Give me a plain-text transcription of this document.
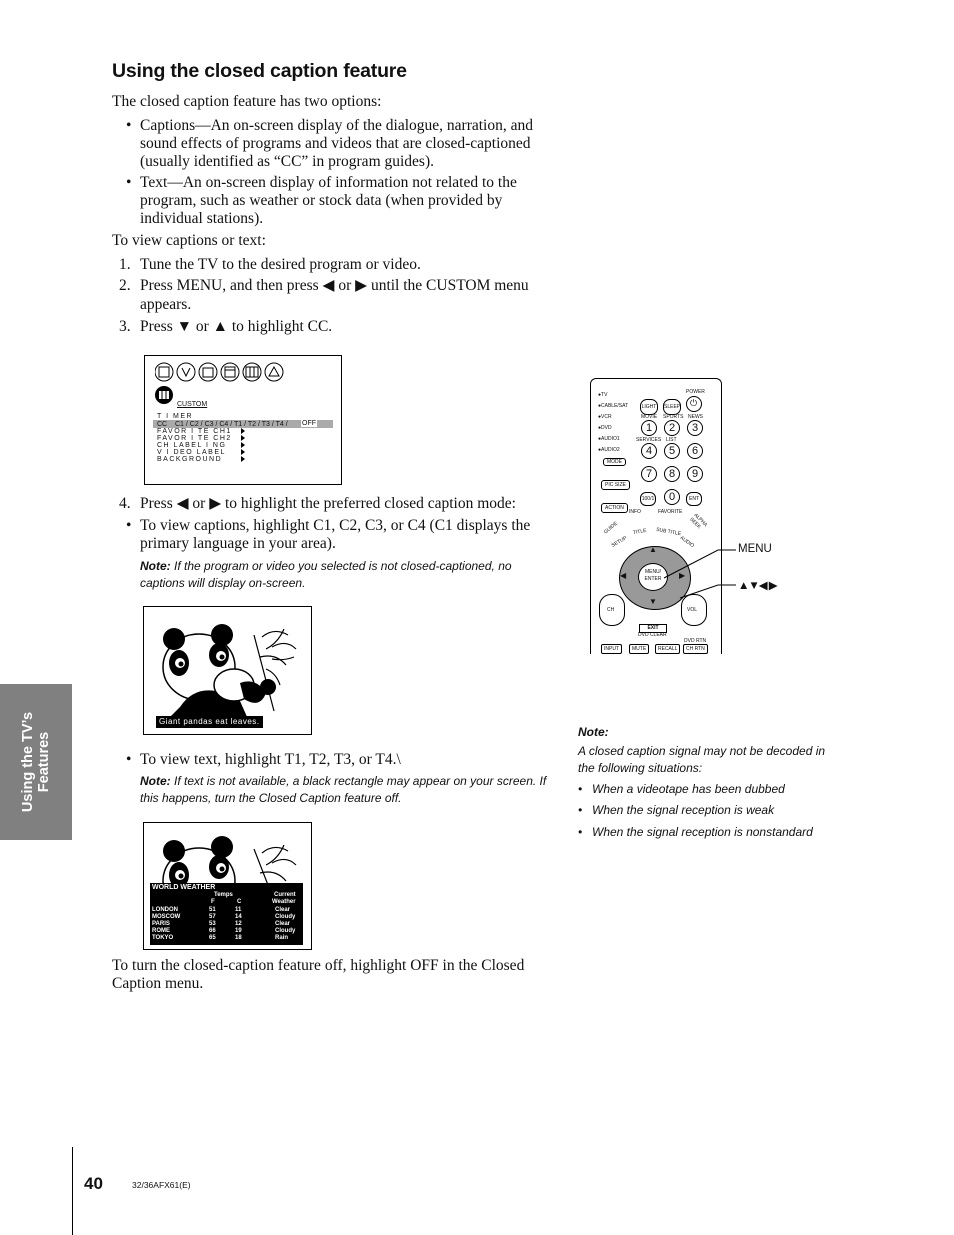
Using the closed caption feature
The closed caption feature has two options:
• Captions—An on-screen display of the dialogue, narration, and sound effects of programs and videos that are closed-captioned (usually identified as “CC” in program guides).
• Text—An on-screen display of information not related to the program, such as weather or stock data (when provided by individual stations).
To view captions or text:
1. Tune the TV to the desired program or video.
2. Press MENU, and then press ◀ or ▶ until the CUSTOM menu
appears.
3. Press ▼ or ▲ to highlight CC.
CUSTOM
T I MER
CC C1 / C2 / C3 / C4 / T1 / T2 / T3 / T4 / OFF
FAVOR I TE CH1
FAVOR I TE CH2
CH LABEL I NG
V I DEO LABEL
BACKGROUND
4. Press ◀ or ▶ to highlight the preferred closed caption mode:
• To view captions, highlight C1, C2, C3, or C4 (C1 displays the primary language in your area).
Note: If the program or video you selected is not closed-captioned, no captions will display on-screen.
Giant pandas eat leaves.
• To view text, highlight T1, T2, T3, or T4.\
Note: If text is not available, a black rectangle may appear on your screen. If this happens, turn the Closed Caption feature off.
WORLD WEATHER
Temps	Current
Weather
F	C
LONDON	51	11	Clear
MOSCOW	57	14	Cloudy
PARIS	53	12	Clear
ROME	66	19	Cloudy
TOKYO	65	18	Rain
To turn the closed-caption feature off, highlight OFF in the Closed Caption menu.
●TV
●CABLE/SAT
●VCR
●DVD
●AUDIO1
●AUDIO2
MODE
LIGHT	SLEEP
POWER
⏻
MOVIE SPORTS NEWS
SERVICES LIST
1	2	3
4	5	6
7	8	9
0
100/1	ENT
PIC SIZE
ACTION
INFO	FAVORITE
GUIDE
SETUP
TITLE SUB TITLE
AUDIO
ALPHA SEEK
▲
▼
◀	▶
MENU/ ENTER
CH	VOL
EXIT
DVD CLEAR
DVD RTN
INPUT	MUTE	RECALL	CH RTN
MENU
▲▼◀ ▶
Note:
A closed caption signal may not be decoded in the following situations:
• When a videotape has been dubbed
• When the signal reception is weak
• When the signal reception is nonstandard
Using the TV’s Features
40	32/36AFX61(E)
